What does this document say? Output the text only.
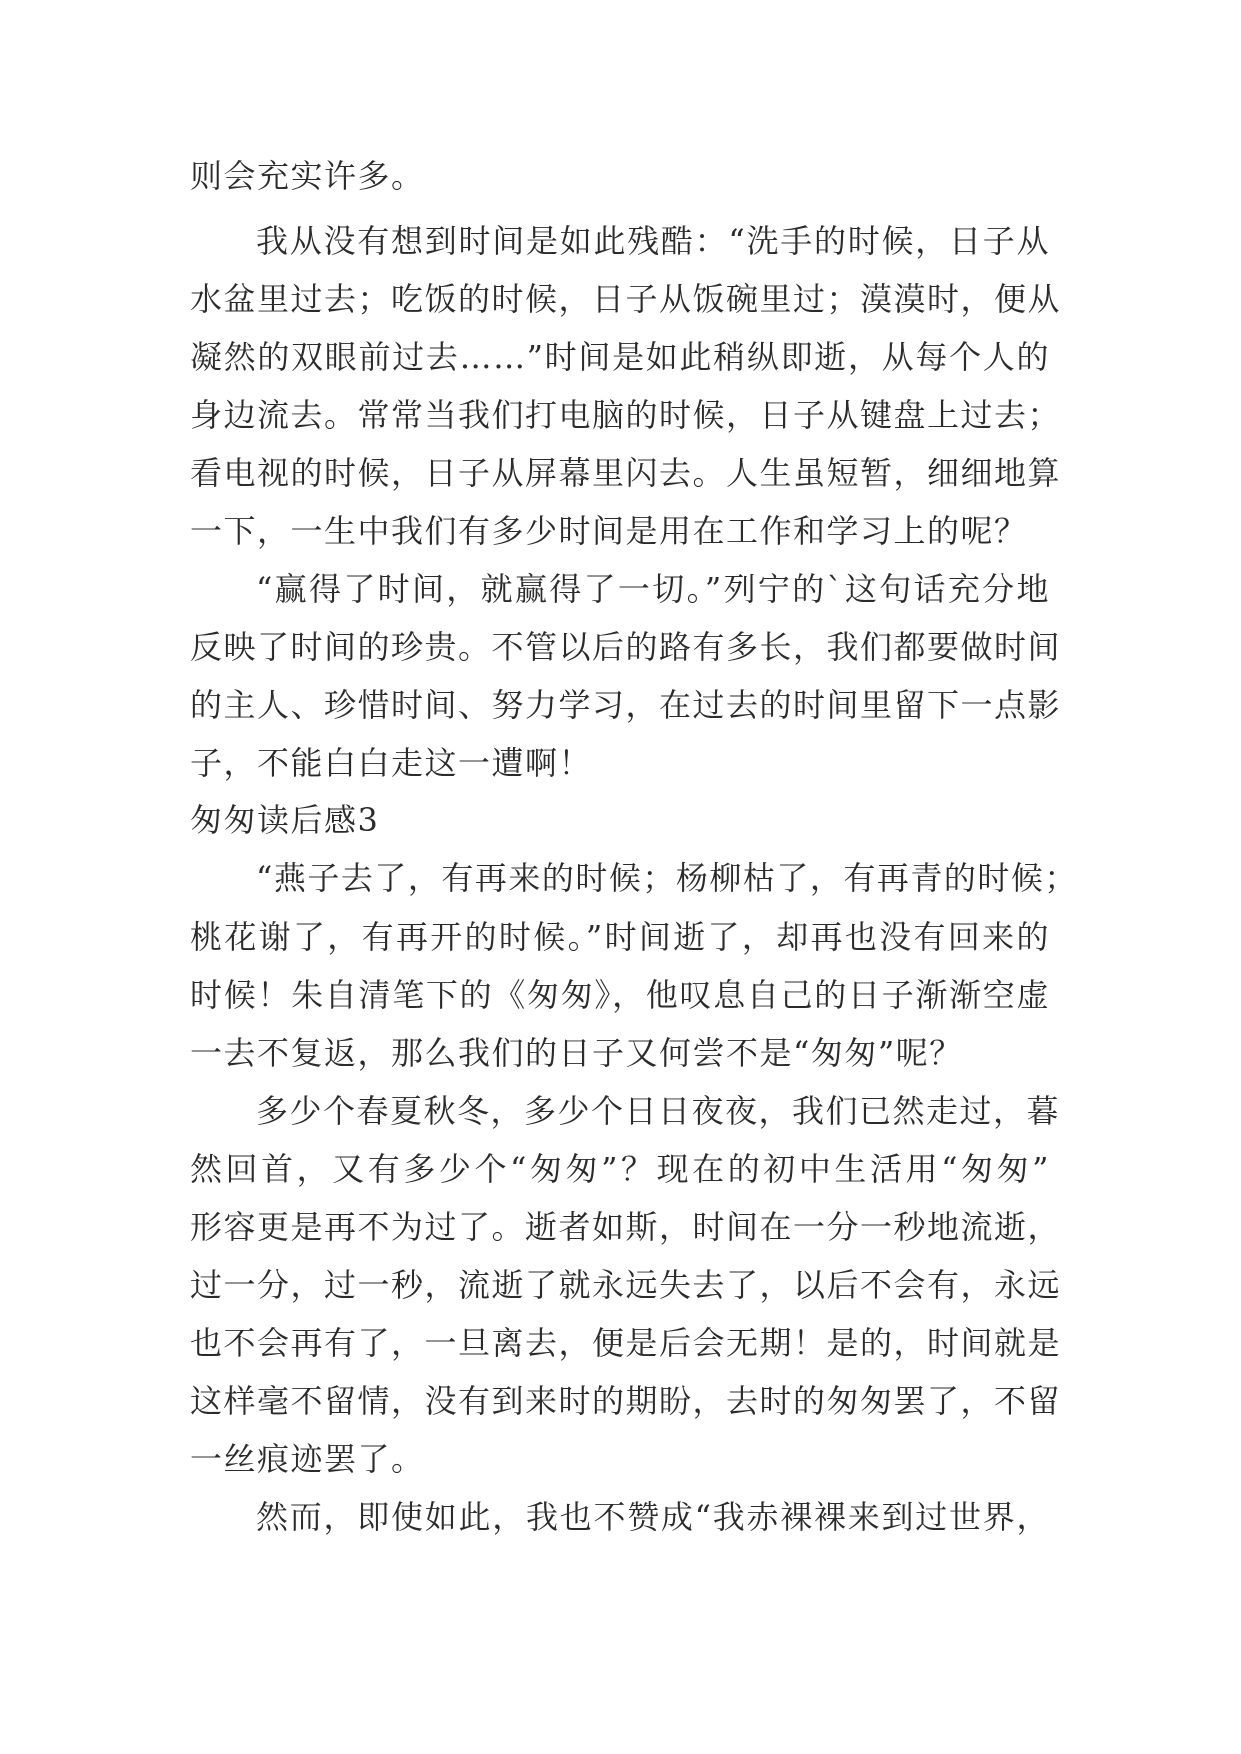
则会充实许多。
我从没有想到时间是如此残酷：“洗手的时候，日子从
水盆里过去；吃饭的时候，日子从饭碗里过；漠漠时，便从
凝然的双眼前过去……”时间是如此稍纵即逝，从每个人的
身边流去。常常当我们打电脑的时候，日子从键盘上过去；
看电视的时候，日子从屏幕里闪去。人生虽短暂，细细地算
一下，一生中我们有多少时间是用在工作和学习上的呢？
“赢得了时间，就赢得了一切。”列宁的`这句话充分地
反映了时间的珍贵。不管以后的路有多长，我们都要做时间
的主人、珍惜时间、努力学习，在过去的时间里留下一点影
子，不能白白走这一遭啊！
匆匆读后感3
“燕子去了，有再来的时候；杨柳枯了，有再青的时候；
桃花谢了，有再开的时候。”时间逝了，却再也没有回来的
时候！朱自清笔下的《匆匆》，他叹息自己的日子渐渐空虚
一去不复返，那么我们的日子又何尝不是“匆匆”呢？
多少个春夏秋冬，多少个日日夜夜，我们已然走过，暮
然回首，又有多少个“匆匆”？现在的初中生活用“匆匆”
形容更是再不为过了。逝者如斯，时间在一分一秒地流逝，
过一分，过一秒，流逝了就永远失去了，以后不会有，永远
也不会再有了，一旦离去，便是后会无期！是的，时间就是
这样毫不留情，没有到来时的期盼，去时的匆匆罢了，不留
一丝痕迹罢了。
然而，即使如此，我也不赞成“我赤裸裸来到过世界，
